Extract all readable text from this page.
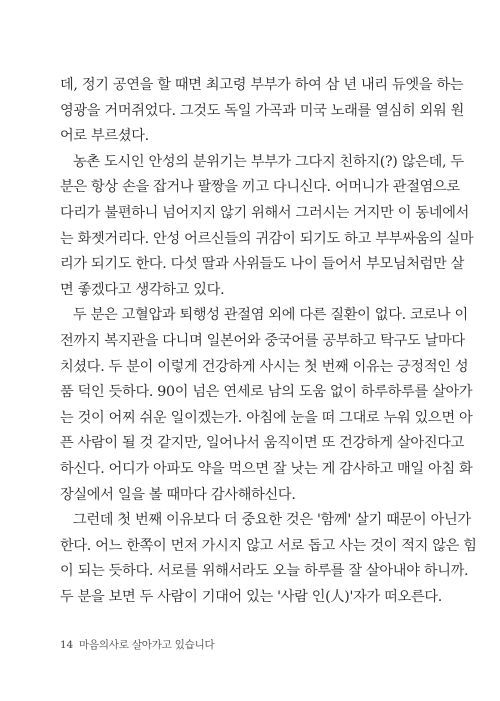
데, 정기 공연을 할 때면 최고령 부부가 하여 삼 년 내리 듀엣을 하는
영광을 거머쥐었다. 그것도 독일 가곡과 미국 노래를 열심히 외워 원
어로 부르셨다.
농촌 도시인 안성의 분위기는 부부가 그다지 친하지(?) 않은데, 두
분은 항상 손을 잡거나 팔짱을 끼고 다니신다. 어머니가 관절염으로
다리가 불편하니 넘어지지 않기 위해서 그러시는 거지만 이 동네에서
는 화젯거리다. 안성 어르신들의 귀감이 되기도 하고 부부싸움의 실마
리가 되기도 한다. 다섯 딸과 사위들도 나이 들어서 부모님처럼만 살
면 좋겠다고 생각하고 있다.
두 분은 고혈압과 퇴행성 관절염 외에 다른 질환이 없다. 코로나 이
전까지 복지관을 다니며 일본어와 중국어를 공부하고 탁구도 날마다
치셨다. 두 분이 이렇게 건강하게 사시는 첫 번째 이유는 긍정적인 성
품 덕인 듯하다. 90이 넘은 연세로 남의 도움 없이 하루하루를 살아가
는 것이 어찌 쉬운 일이겠는가. 아침에 눈을 떠 그대로 누워 있으면 아
픈 사람이 될 것 같지만, 일어나서 움직이면 또 건강하게 살아진다고
하신다. 어디가 아파도 약을 먹으면 잘 낫는 게 감사하고 매일 아침 화
장실에서 일을 볼 때마다 감사해하신다.
그런데 첫 번째 이유보다 더 중요한 것은 '함께' 살기 때문이 아닌가
한다. 어느 한쪽이 먼저 가시지 않고 서로 돕고 사는 것이 적지 않은 힘
이 되는 듯하다. 서로를 위해서라도 오늘 하루를 잘 살아내야 하니까.
두 분을 보면 두 사람이 기대어 있는 '사람 인(人)'자가 떠오른다.
14 마음의사로 살아가고 있습니다
